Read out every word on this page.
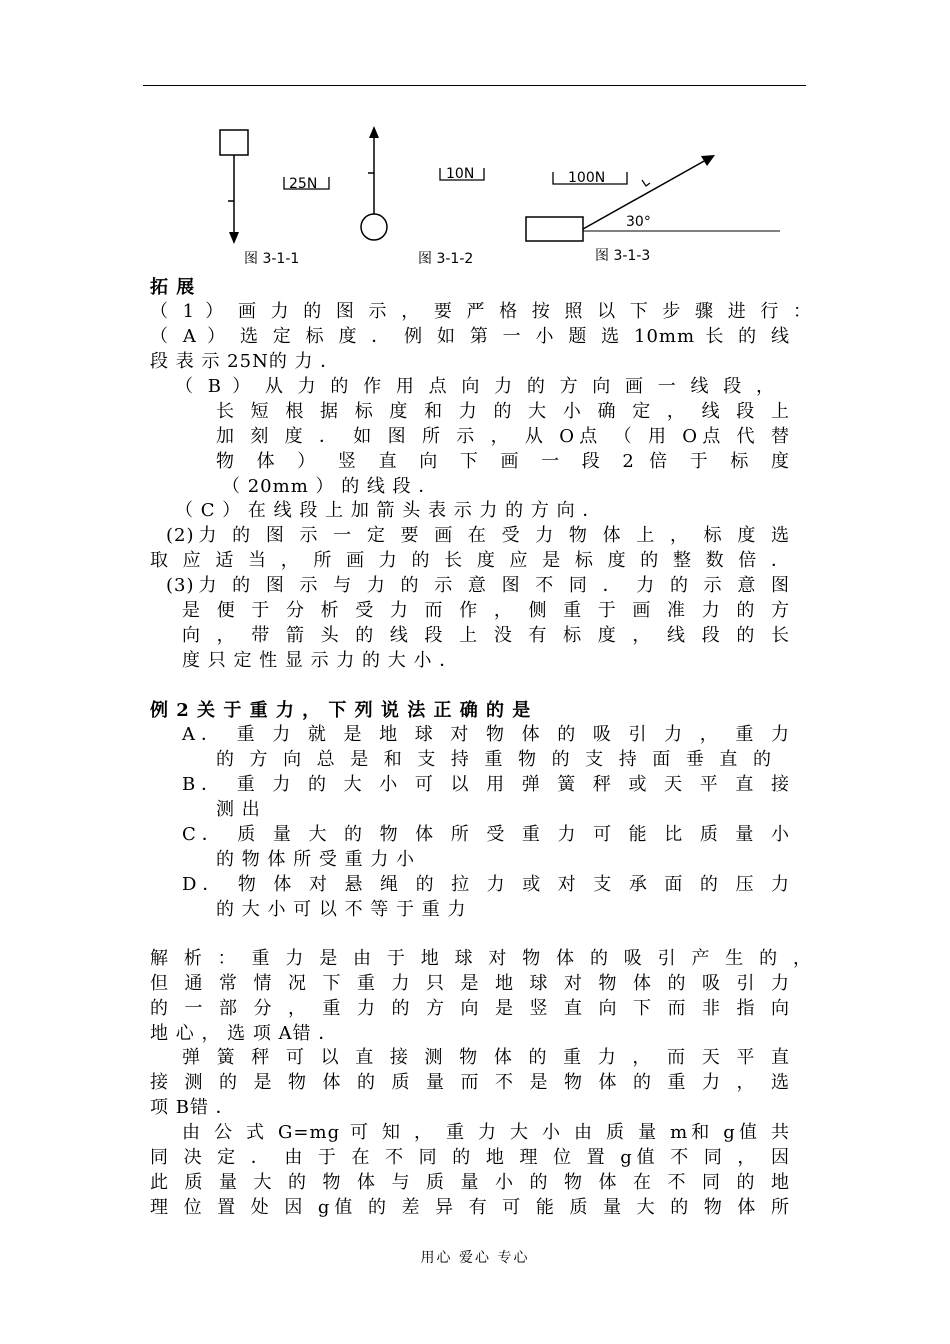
25N
图 3-1-1
10N
图 3-1-2
100N
30°
图 3-1-3
拓 展
（ 1 ） 画 力 的 图 示 ， 要 严 格 按 照 以 下 步 骤 进 行 ：
（ A ） 选 定 标 度 ． 例 如 第 一 小 题 选 10mm 长 的 线
段 表 示 25N的 力 ．
（ B ） 从 力 的 作 用 点 向 力 的 方 向 画 一 线 段 ，
长 短 根 据 标 度 和 力 的 大 小 确 定 ， 线 段 上
加 刻 度 ． 如 图 所 示 ， 从 O点 （ 用 O点 代 替
物 体 ） 竖 直 向 下 画 一 段 2 倍 于 标 度
（ 20mm ） 的 线 段 ．
（ C ） 在 线 段 上 加 箭 头 表 示 力 的 方 向 ．
(2)力 的 图 示 一 定 要 画 在 受 力 物 体 上 ， 标 度 选
取 应 适 当 ， 所 画 力 的 长 度 应 是 标 度 的 整 数 倍 ．
(3)力 的 图 示 与 力 的 示 意 图 不 同 ． 力 的 示 意 图
是 便 于 分 析 受 力 而 作 ， 侧 重 于 画 准 力 的 方
向 ， 带 箭 头 的 线 段 上 没 有 标 度 ， 线 段 的 长
度 只 定 性 显 示 力 的 大 小 ．
例 2 关 于 重 力 ， 下 列 说 法 正 确 的 是
A． 重 力 就 是 地 球 对 物 体 的 吸 引 力 ， 重 力
的 方 向 总 是 和 支 持 重 物 的 支 持 面 垂 直 的
B． 重 力 的 大 小 可 以 用 弹 簧 秤 或 天 平 直 接
测 出
C． 质 量 大 的 物 体 所 受 重 力 可 能 比 质 量 小
的 物 体 所 受 重 力 小
D． 物 体 对 悬 绳 的 拉 力 或 对 支 承 面 的 压 力
的 大 小 可 以 不 等 于 重 力
解 析 ： 重 力 是 由 于 地 球 对 物 体 的 吸 引 产 生 的 ，
但 通 常 情 况 下 重 力 只 是 地 球 对 物 体 的 吸 引 力
的 一 部 分 ， 重 力 的 方 向 是 竖 直 向 下 而 非 指 向
地 心 ， 选 项 A错 ．
弹 簧 秤 可 以 直 接 测 物 体 的 重 力 ， 而 天 平 直
接 测 的 是 物 体 的 质 量 而 不 是 物 体 的 重 力 ， 选
项 B错 ．
由 公 式 G=mg 可 知 ， 重 力 大 小 由 质 量 m和 g值 共
同 决 定 ． 由 于 在 不 同 的 地 理 位 置 g值 不 同 ， 因
此 质 量 大 的 物 体 与 质 量 小 的 物 体 在 不 同 的 地
理 位 置 处 因 g值 的 差 异 有 可 能 质 量 大 的 物 体 所
用心 爱心 专心
